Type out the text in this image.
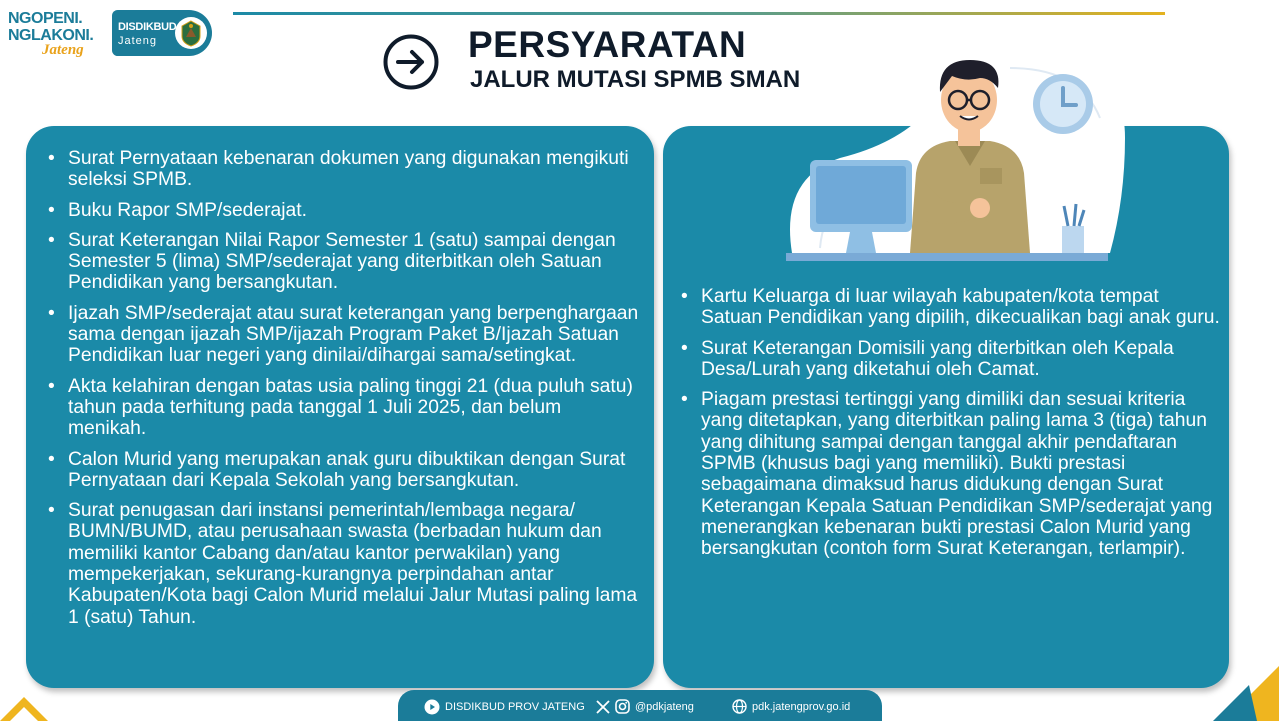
NGOPENI.
NGLAKONI.
Jateng
DISDIKBUD
Jateng	PERSYARATAN
JALUR MUTASI SPMB SMAN
• Surat Pernyataan kebenaran dokumen yang digunakan mengikuti seleksi SPMB.
• Buku Rapor SMP/sederajat.
• Surat Keterangan Nilai Rapor Semester 1 (satu) sampai dengan Semester 5 (lima) SMP/sederajat yang diterbitkan oleh Satuan Pendidikan yang bersangkutan.
• Ijazah SMP/sederajat atau surat keterangan yang berpenghargaan sama dengan ijazah SMP/ijazah Program Paket B/Ijazah Satuan Pendidikan luar negeri yang dinilai/dihargai sama/setingkat.
• Akta kelahiran dengan batas usia paling tinggi 21 (dua puluh satu) tahun pada terhitung pada tanggal 1 Juli 2025, dan belum menikah.
• Calon Murid yang merupakan anak guru dibuktikan dengan Surat Pernyataan dari Kepala Sekolah yang bersangkutan.
• Surat penugasan dari instansi pemerintah/lembaga negara/ BUMN/BUMD, atau perusahaan swasta (berbadan hukum dan memiliki kantor Cabang dan/atau kantor perwakilan) yang mempekerjakan, sekurang-kurangnya perpindahan antar Kabupaten/Kota bagi Calon Murid melalui Jalur Mutasi paling lama 1 (satu) Tahun.
• Kartu Keluarga di luar wilayah kabupaten/kota tempat Satuan Pendidikan yang dipilih, dikecualikan bagi anak guru.
• Surat Keterangan Domisili yang diterbitkan oleh Kepala Desa/Lurah yang diketahui oleh Camat.
• Piagam prestasi tertinggi yang dimiliki dan sesuai kriteria yang ditetapkan, yang diterbitkan paling lama 3 (tiga) tahun yang dihitung sampai dengan tanggal akhir pendaftaran SPMB (khusus bagi yang memiliki). Bukti prestasi sebagaimana dimaksud harus didukung dengan Surat Keterangan Kepala Satuan Pendidikan SMP/sederajat yang menerangkan kebenaran bukti prestasi Calon Murid yang bersangkutan (contoh form Surat Keterangan, terlampir).
DISDIKBUD PROV JATENG	@pdkjateng	pdk.jatengprov.go.id
